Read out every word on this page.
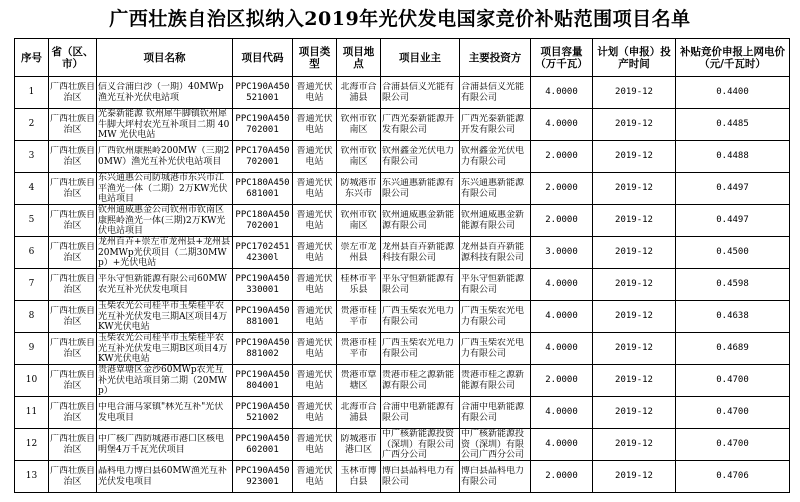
广西壮族自治区拟纳入2019年光伏发电国家竞价补贴范围项目名单
序号	省（区、市）	项目名称	项目代码	项目类型	项目地点	项目业主	主要投资方	项目容量（万千瓦）	计划（申报）投产时间	补贴竞价申报上网电价（元/千瓦时）

1	广西壮族自治区	信义合浦白沙（一期）40MWp渔光互补光伏电站项	PPC190A450521001	普通光伏电站	北海市合浦县	合浦县信义光能有限公司	合浦县信义光能有限公司	4.0000	2019-12	0.4400

2	广西壮族自治区	光泰新能源 钦州犀牛脚镇钦州犀牛脚大坪村农光互补项目二期 40MW 光伏电站	PPC190A450702001	普通光伏电站	钦州市钦南区	广西光泰新能源开发有限公司	广西光泰新能源开发有限公司	4.0000	2019-12	0.4485

3	广西壮族自治区	广西钦州康熙岭200MW（三期20MW）渔光互补光伏电站项目	PPC170A450702001	普通光伏电站	钦州市钦南区	钦州鑫金光伏电力有限公司	钦州鑫金光伏电力有限公司	2.0000	2019-12	0.4488

4	广西壮族自治区	东兴通惠公司防城港市东兴市江平渔光一体（二期）2万KW光伏电站项目	PPC180A450681001	普通光伏电站	防城港市东兴市	东兴通惠新能源有限公司	东兴通惠新能源有限公司	2.0000	2019-12	0.4497

5	广西壮族自治区	钦州通威惠金公司钦州市钦南区康熙岭渔光一体(三期)2万KW光伏电站项目	PPC180A450702001	普通光伏电站	钦州市钦南区	钦州通威惠金新能源有限公司	钦州通威惠金新能源有限公司	2.0000	2019-12	0.4497

6	广西壮族自治区	龙州百卉+崇左市龙州县+龙州县20MWp光伏项目（二期30MWp）+光伏电站	PPC170245142300l	普通光伏电站	崇左市龙州县	龙州县百卉新能源科技有限公司	龙州县百卉新能源科技有限公司	3.0000	2019-12	0.4500

7	广西壮族自治区	平乐守恒新能源有限公司60MW农光互补光伏发电项目	PPC190A450330001	普通光伏电站	桂林市平乐县	平乐守恒新能源有限公司	平乐守恒新能源有限公司	4.0000	2019-12	0.4598

8	广西壮族自治区	玉柴农光公司桂平市玉柴桂平农光互补光伏发电三期A区项目4万KW光伏电站	PPC190A450881001	普通光伏电站	贵港市桂平市	广西玉柴农光电力有限公司	广西玉柴农光电力有限公司	4.0000	2019-12	0.4638

9	广西壮族自治区	玉柴农光公司桂平市玉柴桂平农光互补光伏发电三期B区项目4万KW光伏电站	PPC190A450881002	普通光伏电站	贵港市桂平市	广西玉柴农光电力有限公司	广西玉柴农光电力有限公司	4.0000	2019-12	0.4689

10	广西壮族自治区	贵港覃塘区金沙60MWp农光互补光伏电站项目第二期（20MWp）	PPC190A450804001	普通光伏电站	贵港市覃塘区	贵港市桂之源新能源有限公司	贵港市桂之源新能源有限公司	2.0000	2019-12	0.4700

11	广西壮族自治区	中电合浦乌家镇"林光互补"光伏发电项目	PPC190A450521002	普通光伏电站	北海市合浦县	合浦中电新能源有限公司	合浦中电新能源有限公司	4.0000	2019-12	0.4700

12	广西壮族自治区	中广核广西防城港市港口区核电明堡4万千瓦光伏项目	PPC190A450602001	普通光伏电站	防城港市港口区	中广核新能源投资（深圳）有限公司广西分公司	中广核新能源投资（深圳）有限公司广西分公司	4.0000	2019-12	0.4700

13	广西壮族自治区	晶科电力博白县60MW渔光互补光伏发电项目	PPC190A450923001	普通光伏电站	玉林市博白县	博白县晶科电力有限公司	博白县晶科电力有限公司	2.0000	2019-12	0.4706
